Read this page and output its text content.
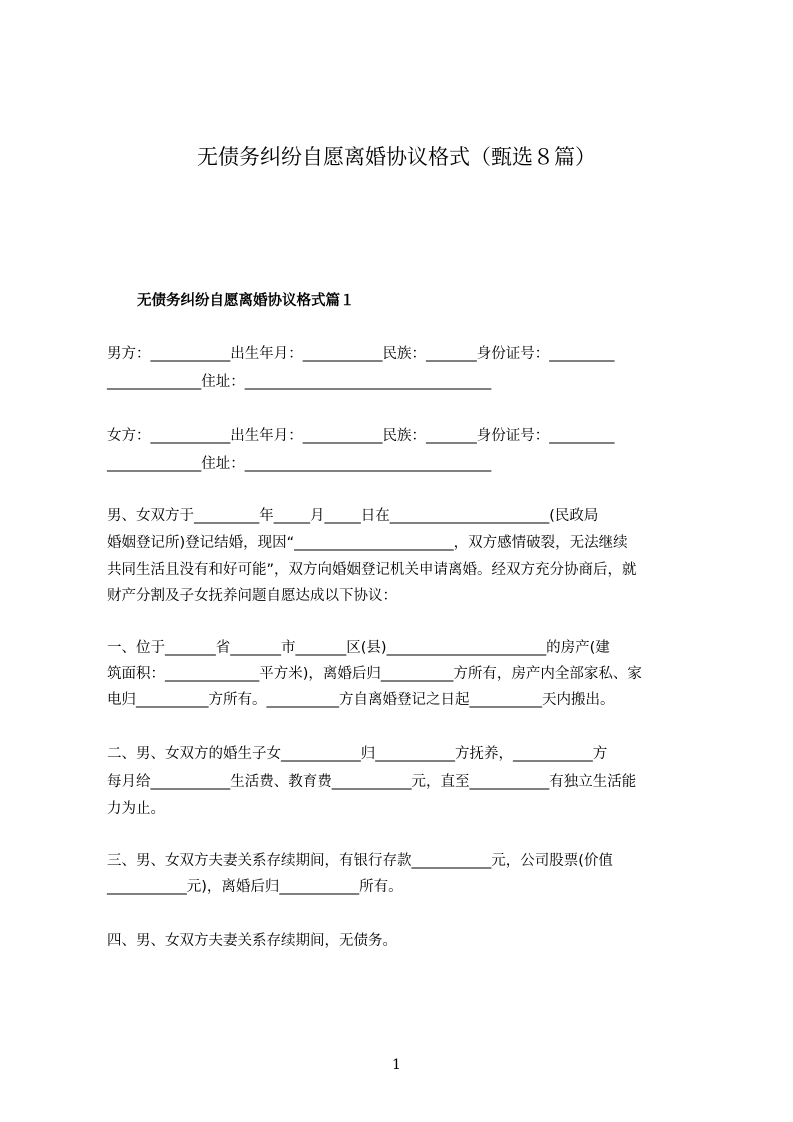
无债务纠纷自愿离婚协议格式（甄选８篇）
无债务纠纷自愿离婚协议格式篇１
男方：___________出生年月：___________民族：_______身份证号：_________
_____________住址：__________________________________
女方：___________出生年月：___________民族：_______身份证号：_________
_____________住址：__________________________________
男、女双方于_________年_____月_____日在______________________(民政局
婚姻登记所)登记结婚，现因“______________________，双方感情破裂，无法继续
共同生活且没有和好可能”，双方向婚姻登记机关申请离婚。经双方充分协商后，就
财产分割及子女抚养问题自愿达成以下协议：
一、位于_______省_______市_______区(县)______________________的房产(建
筑面积：_____________平方米)，离婚后归__________方所有，房产内全部家私、家
电归__________方所有。__________方自离婚登记之日起__________天内搬出。
二、男、女双方的婚生子女___________归___________方抚养，___________方
每月给___________生活费、教育费___________元，直至___________有独立生活能
力为止。
三、男、女双方夫妻关系存续期间，有银行存款___________元，公司股票(价值
___________元)，离婚后归___________所有。
四、男、女双方夫妻关系存续期间，无债务。
1
